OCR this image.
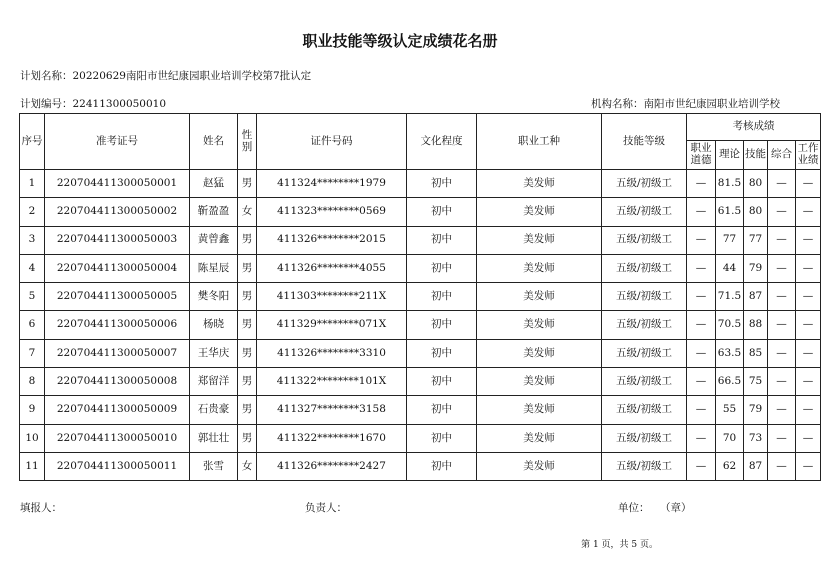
职业技能等级认定成绩花名册
计划名称：20220629南阳市世纪康园职业培训学校第7批认定
计划编号：22411300050010	机构名称：南阳市世纪康园职业培训学校
序号	准考证号	姓名	性别	证件号码	文化程度	职业工种	技能等级	考核成绩				
								职业道德	理论	技能	综合	工作业绩
1	220704411300050001	赵猛	男	411324********1979	初中	美发师	五级/初级工	—	81.5	80	—	—
2	220704411300050002	靳盈盈	女	411323********0569	初中	美发师	五级/初级工	—	61.5	80	—	—
3	220704411300050003	黄曾鑫	男	411326********2015	初中	美发师	五级/初级工	—	77	77	—	—
4	220704411300050004	陈星辰	男	411326********4055	初中	美发师	五级/初级工	—	44	79	—	—
5	220704411300050005	樊冬阳	男	411303********211X	初中	美发师	五级/初级工	—	71.5	87	—	—
6	220704411300050006	杨晓	男	411329********071X	初中	美发师	五级/初级工	—	70.5	88	—	—
7	220704411300050007	王华庆	男	411326********3310	初中	美发师	五级/初级工	—	63.5	85	—	—
8	220704411300050008	郑留洋	男	411322********101X	初中	美发师	五级/初级工	—	66.5	75	—	—
9	220704411300050009	石贵豪	男	411327********3158	初中	美发师	五级/初级工	—	55	79	—	—
10	220704411300050010	郭壮壮	男	411322********1670	初中	美发师	五级/初级工	—	70	73	—	—
11	220704411300050011	张雪	女	411326********2427	初中	美发师	五级/初级工	—	62	87	—	—
填报人：	负责人：	单位： （章）
第 1 页，共 5 页。
